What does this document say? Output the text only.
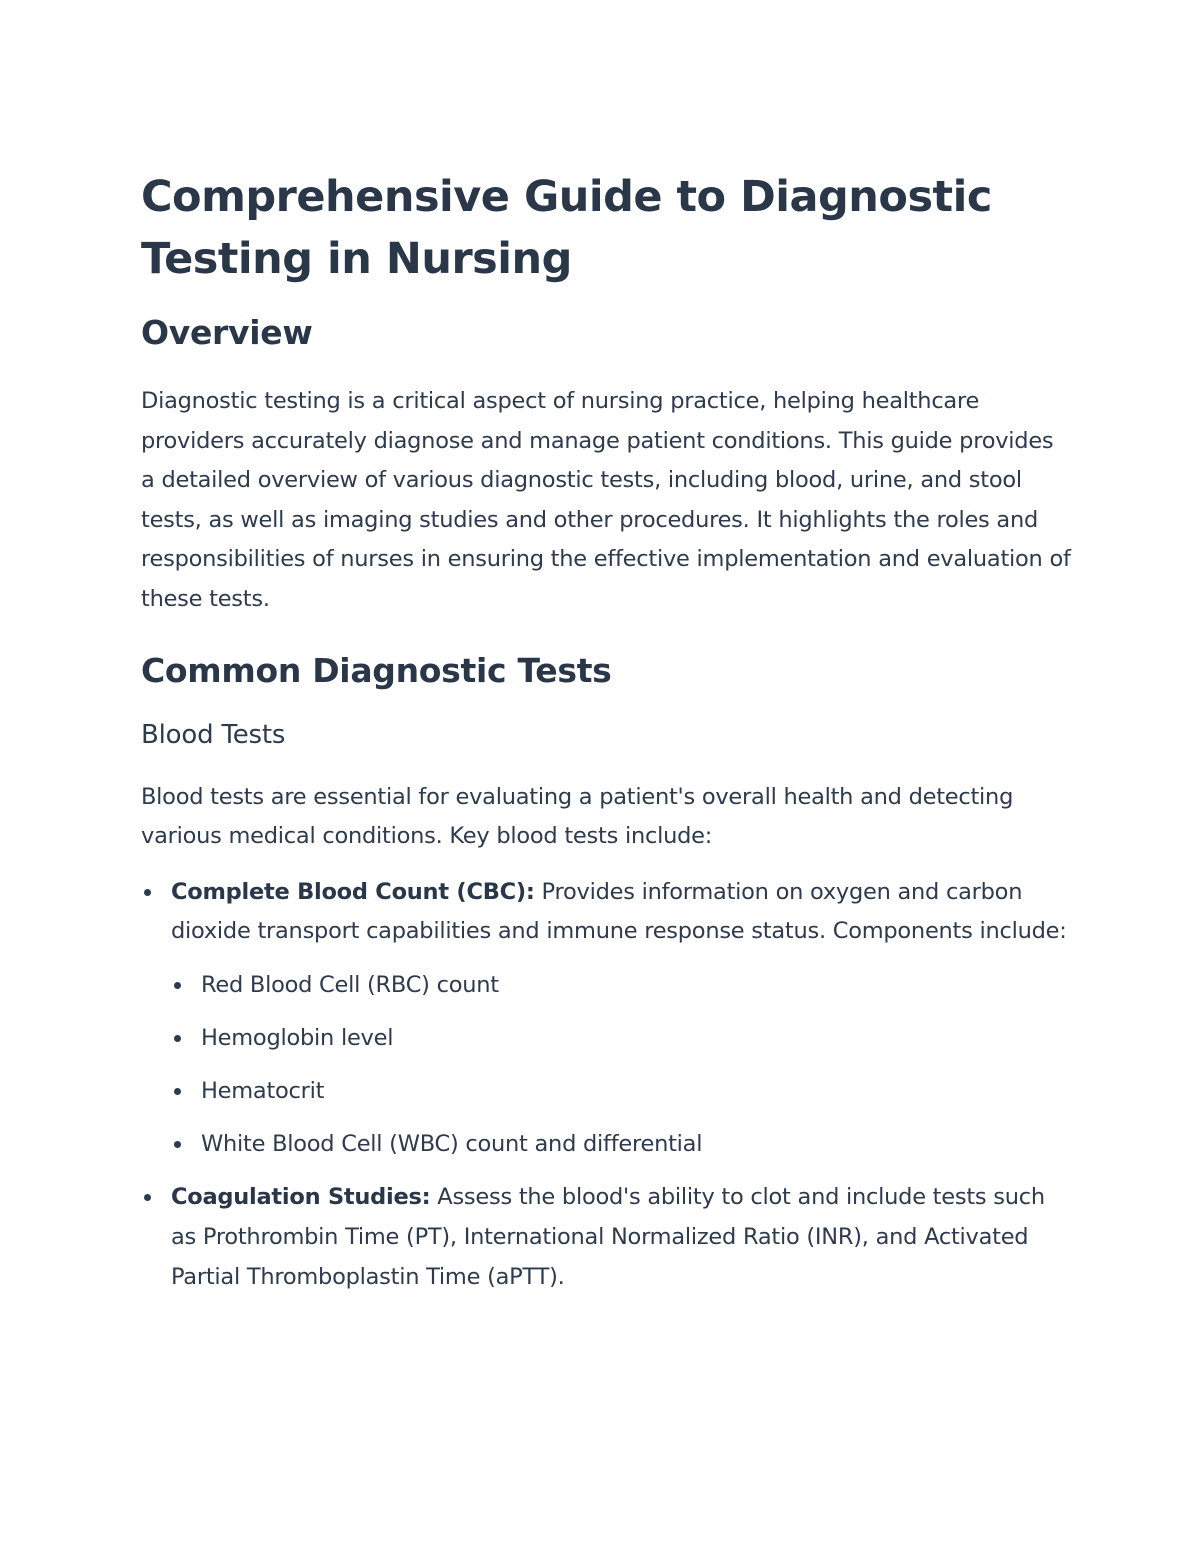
Comprehensive Guide to Diagnostic Testing in Nursing
Overview

Diagnostic testing is a critical aspect of nursing practice, helping healthcare providers accurately diagnose and manage patient conditions. This guide provides a detailed overview of various diagnostic tests, including blood, urine, and stool tests, as well as imaging studies and other procedures. It highlights the roles and responsibilities of nurses in ensuring the effective implementation and evaluation of these tests.

Common Diagnostic Tests
Blood Tests

Blood tests are essential for evaluating a patient's overall health and detecting various medical conditions. Key blood tests include:

Complete Blood Count (CBC): Provides information on oxygen and carbon dioxide transport capabilities and immune response status. Components include:
Red Blood Cell (RBC) count
Hemoglobin level
Hematocrit
White Blood Cell (WBC) count and differential
Coagulation Studies: Assess the blood's ability to clot and include tests such as Prothrombin Time (PT), International Normalized Ratio (INR), and Activated Partial Thromboplastin Time (aPTT).
